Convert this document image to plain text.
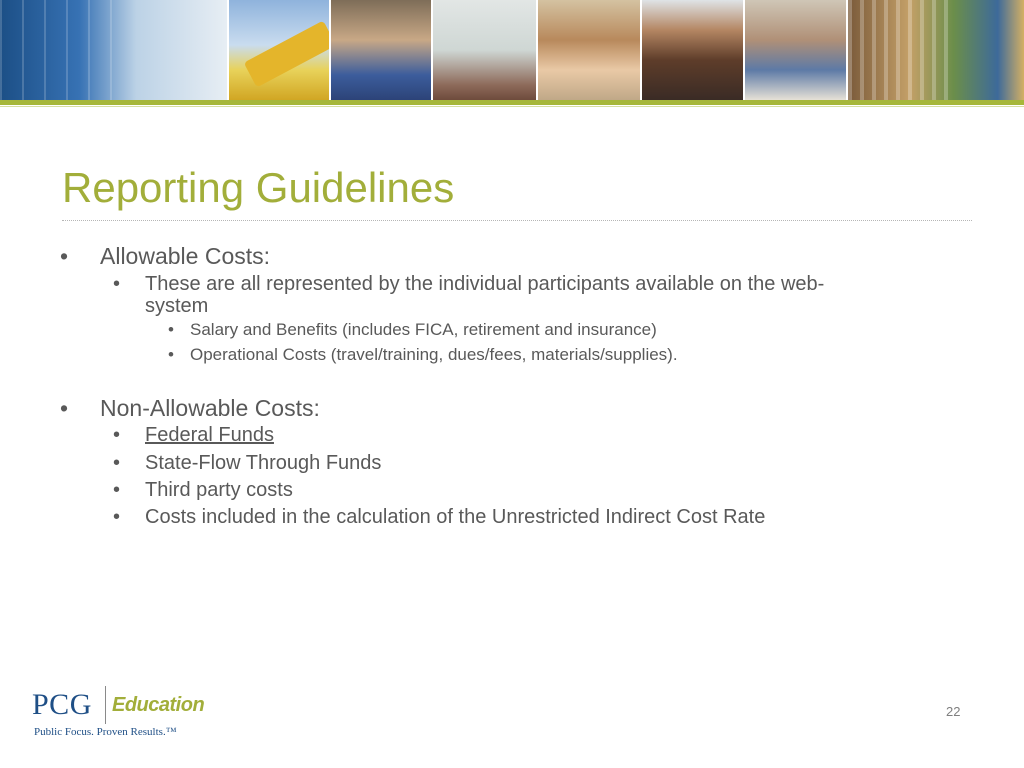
Reporting Guidelines
• Allowable Costs:
• These are all represented by the individual participants available on the web-
system
• Salary and Benefits (includes FICA, retirement and insurance)
• Operational Costs (travel/training, dues/fees, materials/supplies).
• Non-Allowable Costs:
• Federal Funds
• State-Flow Through Funds
• Third party costs
• Costs included in the calculation of the Unrestricted Indirect Cost Rate
PCG Education
Public Focus. Proven Results.™
22
